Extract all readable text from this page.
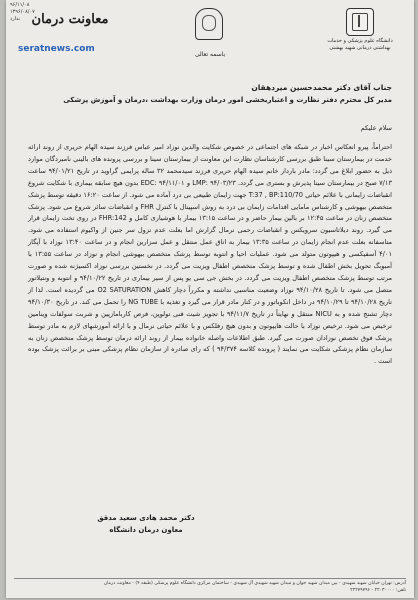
۹۶/۱۱/۰۸
۱۳۹۶/۰۸/۰۷
ندارد معاونت درمان
دانشگاه علوم پزشکی و خدمات بهداشتی درمانی شهید بهشتی
seratnews.com
باسمه تعالی
جناب آقای دکتر محمدحسین میردهقان
مدیر کل محترم دفتر نظارت و اعتباربخشی امور درمان وزارت بهداشت ،درمان و آموزش پزشکی
سلام علیکم

احتراماً، پیرو انعکاس اخبار در شبکه های اجتماعی در خصوص شکایت والدین نوزاد امیر عباس فرزند سیده الهام حریری از روند ارائه خدمت در بیمارستان سینا طبق بررسی کارشناسان نظارت این معاونت از بیمارستان سینا و بررسی پرونده های بالینی نامبردگان موارد ذیل به حضور ابلاغ می گردد: مادر باردار خانم سیده الهام حریری فرزند سیدمحمد ۳۲ ساله پرایمی گراوید در تاریخ ۹۴/۰۱/۲۱ ساعت ۷/۱۳ صبح در بیمارستان سینا پذیرش و بستری می گردد. LMP: ۹۴/۰۳/۲۳ و EDC: ۹۴/۱۱/۰۱ بدون هیچ سابقه بیماری با شکایت شروع انقباضات زایمانی با علائم حیاتی T:37 , BP:110/70 جهت زایمان طبیعی بی درد آماده می شود. از ساعت ۱۶:۲۰ دقیقه توسط پزشک متخصص بیهوشی و کارشناس مامایی اقدامات زایمان بی درد به روش اسپینال با کنترل FHR و انقباضات سائر شروع می شود. پزشک متخصص زنان در ساعت ۱۲:۴۵ بر بالین بیمار حاضر و در ساعت ۱۳:۱۵ بیمار با هوشیاری کامل و FHR:142 در روی تخت زایمان قرار می گیرد. روند دیلاتاسیون سرویکس و انقباضات رحمی نرمال گزارش اما بعلت عدم نزول سر جنین از واکیوم استفاده می شود. متاسفانه بعلت عدم انجام زایمان در ساعت ۱۳:۳۵ بیمار به اتاق عمل منتقل و عمل سزارین انجام و در ساعت ۱۳:۴۰ نوزاد با آپگار ۴/۰۱ آسفیکسی و هیپوتون متولد می شود. عملیات احیا و انتوبه توسط پزشک متخصص بیهوشی انجام و نوزاد در ساعت ۱۳:۵۵ با آمبوبگ تحویل بخش اطفال شده و توسط پزشک متخصص اطفال ویزیت می گردد. در نخستین بررسی نوزاد اکسیژنه شده و صورت مرتب توسط پزشک متخصص اطفال ویزیت می گردد. در بخش جی سی یو پس از سیر بیماری در تاریخ ۹۴/۱۰/۲۲ و انتوبه و ونتیلاتور متصل می شود. تا تاریخ ۹۴/۱۰/۲۸ نوزاد وضعیت مناسبی نداشته و مکرراً دچار کاهش O2 SATURATION می گردیده است. لذا از تاریخ ۹۴/۱۰/۲۸ تا ۹۴/۱۰/۲۹ در داخل انکوباتور و در کنار مادر قرار می گیرد و تغذیه با NG TUBE را تحمل می کند. در تاریخ ۹۴/۱۰/۳۰ دچار تشنج شده و به NICU منتقل و نهایتاً در تاریخ ۹۴/۱۱/۷ با تجویز شیت فنی تولوپن، فرص کاربامازپین و شربت سولفات وینامین ترخیص می شود. ترخیص نوزاد با حالت هایپوتون و بدون هیچ رفلکس و با علائم حیاتی نرمال و با ارائه آموزشهای لازم به مادر توسط پزشک فوق تخصص نوزادان صورت می گیرد. طبق اطلاعات واصله خانواده بیمار از روند ارائه درمان توسط پزشک متخصص زنان به سازمان نظام پزشکی شکایت می نمایند ( پرونده کلاسه ۹۴/۳۷۴ ) که رای صادره از سازمان نظام پزشکی مبنی بر برائت پزشک بوده است .

دکتر محمد هادی سعید مدقق
معاون درمان دانشگاه
آدرس: تهران خیابان شهید شهیدی - بین میدان شهید جوان و میدان شهید شهیدی آل شهیدی - ساختمان مرکزی دانشگاه علوم پزشکی (طبقه ۴) - معاونت درمان
تلفن: ۲۲۰۳۰۰۰۰ - ۲۲۲۷۹۷۹۶
